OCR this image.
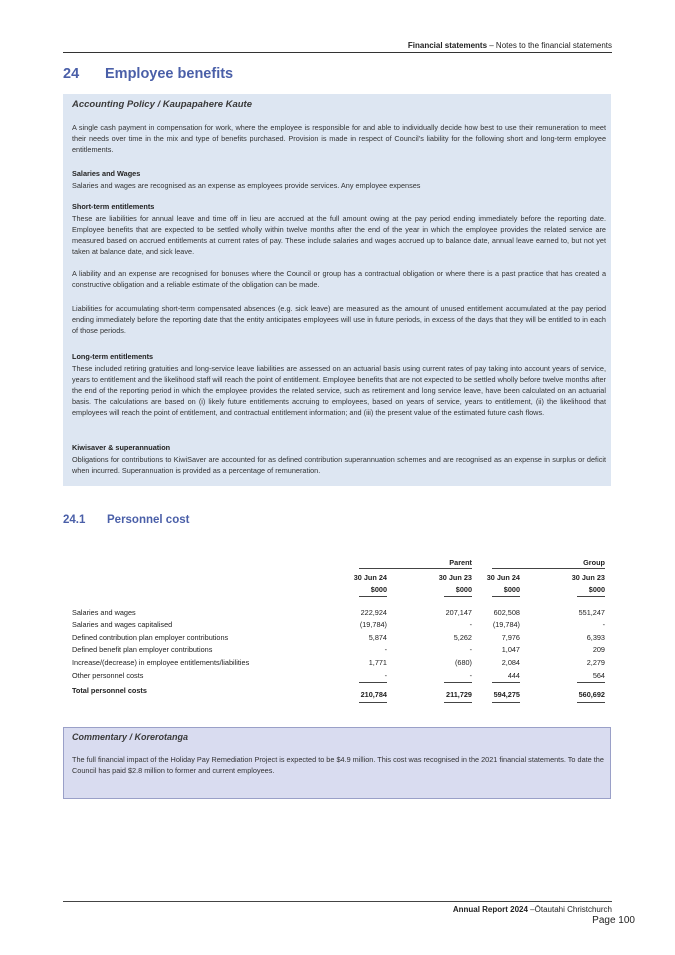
Financial statements – Notes to the financial statements
24 Employee benefits
Accounting Policy / Kaupapahere Kaute
A single cash payment in compensation for work, where the employee is responsible for and able to individually decide how best to use their remuneration to meet their needs over time in the mix and type of benefits purchased. Provision is made in respect of Council’s liability for the following short and long-term employee entitlements.
Salaries and Wages
Salaries and wages are recognised as an expense as employees provide services. Any employee expenses
Short-term entitlements
These are liabilities for annual leave and time off in lieu are accrued at the full amount owing at the pay period ending immediately before the reporting date. Employee benefits that are expected to be settled wholly within twelve months after the end of the year in which the employee provides the related service are measured based on accrued entitlements at current rates of pay. These include salaries and wages accrued up to balance date, annual leave earned to, but not yet taken at balance date, and sick leave.
A liability and an expense are recognised for bonuses where the Council or group has a contractual obligation or where there is a past practice that has created a constructive obligation and a reliable estimate of the obligation can be made.
Liabilities for accumulating short-term compensated absences (e.g. sick leave) are measured as the amount of unused entitlement accumulated at the pay period ending immediately before the reporting date that the entity anticipates employees will use in future periods, in excess of the days that they will be entitled to in each of those periods.
Long-term entitlements
These included retiring gratuities and long-service leave liabilities are assessed on an actuarial basis using current rates of pay taking into account years of service, years to entitlement and the likelihood staff will reach the point of entitlement. Employee benefits that are not expected to be settled wholly before twelve months after the end of the reporting period in which the employee provides the related service, such as retirement and long service leave, have been calculated on an actuarial basis. The calculations are based on (i) likely future entitlements accruing to employees, based on years of service, years to entitlement, (ii) the likelihood that employees will reach the point of entitlement, and contractual entitlement information; and (iii) the present value of the estimated future cash flows.
Kiwisaver & superannuation
Obligations for contributions to KiwiSaver are accounted for as defined contribution superannuation schemes and are recognised as an expense in surplus or deficit when incurred. Superannuation is provided as a percentage of remuneration.
24.1 Personnel cost
Parent	Group
30 Jun 24	30 Jun 23	30 Jun 24	30 Jun 23
$000	$000	$000	$000
Salaries and wages	222,924	207,147	602,508	551,247
Salaries and wages capitalised	(19,784)	-	(19,784)	-
Defined contribution plan employer contributions	5,874	5,262	7,976	6,393
Defined benefit plan employer contributions	-	-	1,047	209
Increase/(decrease) in employee entitlements/liabilities	1,771	(680)	2,084	2,279
Other personnel costs	-	-	444	564
Total personnel costs	210,784	211,729	594,275	560,692
Commentary / Korerotanga
The full financial impact of the Holiday Pay Remediation Project is expected to be $4.9 million. This cost was recognised in the 2021 financial statements. To date the Council has paid $2.8 million to former and current employees.
Annual Report 2024 –Ōtautahi Christchurch
Page 100
